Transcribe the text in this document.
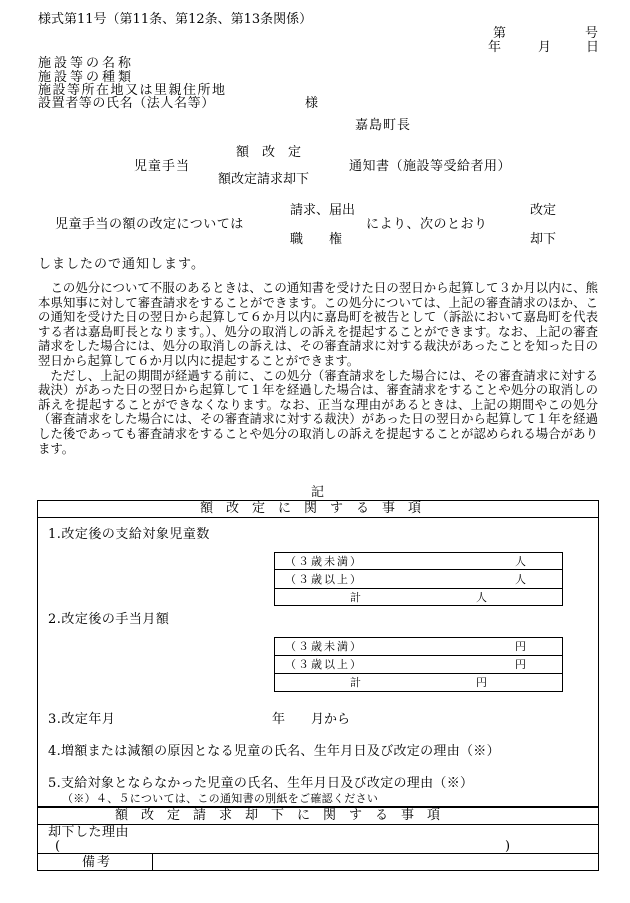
様式第11号（第11条、第12条、第13条関係）
第	号
年	月	日
施設等の名称
施設等の種類
施設等所在地又は里親住所地
設置者等の氏名（法人名等）	様
嘉島町長
額　改　定
児童手当	通知書（施設等受給者用）
額改定請求却下
請求、届出	改定
児童手当の額の改定については	により、次のとおり
職　　権	却下
しましたので通知します。
　この処分について不服のあるときは、この通知書を受けた日の翌日から起算して３か月以内に、熊本県知事に対して審査請求をすることができます。この処分については、上記の審査請求のほか、この通知を受けた日の翌日から起算して６か月以内に嘉島町を被告として（訴訟において嘉島町を代表する者は嘉島町長となります。）、処分の取消しの訴えを提起することができます。なお、上記の審査請求をした場合には、処分の取消しの訴えは、その審査請求に対する裁決があったことを知った日の翌日から起算して６か月以内に提起することができます。
　ただし、上記の期間が経過する前に、この処分（審査請求をした場合には、その審査請求に対する裁決）があった日の翌日から起算して１年を経過した場合は、審査請求をすることや処分の取消しの訴えを提起することができなくなります。なお、正当な理由があるときは、上記の期間やこの処分（審査請求をした場合には、その審査請求に対する裁決）があった日の翌日から起算して１年を経過した後であっても審査請求をすることや処分の取消しの訴えを提起することが認められる場合があります。
記
額　改　定　に　関　す　る　事　項
1.改定後の支給対象児童数
（３歳未満）	人
（３歳以上）	人
計	人
2.改定後の手当月額
（３歳未満）	円
（３歳以上）	円
計	円
3.改定年月	年　　月から
4.増額または減額の原因となる児童の氏名、生年月日及び改定の理由（※）
5.支給対象とならなかった児童の氏名、生年月日及び改定の理由（※）
（※）４、５については、この通知書の別紙をご確認ください
額　改　定　請　求　却　下　に　関　す　る　事　項
却下した理由
(	)
備考
